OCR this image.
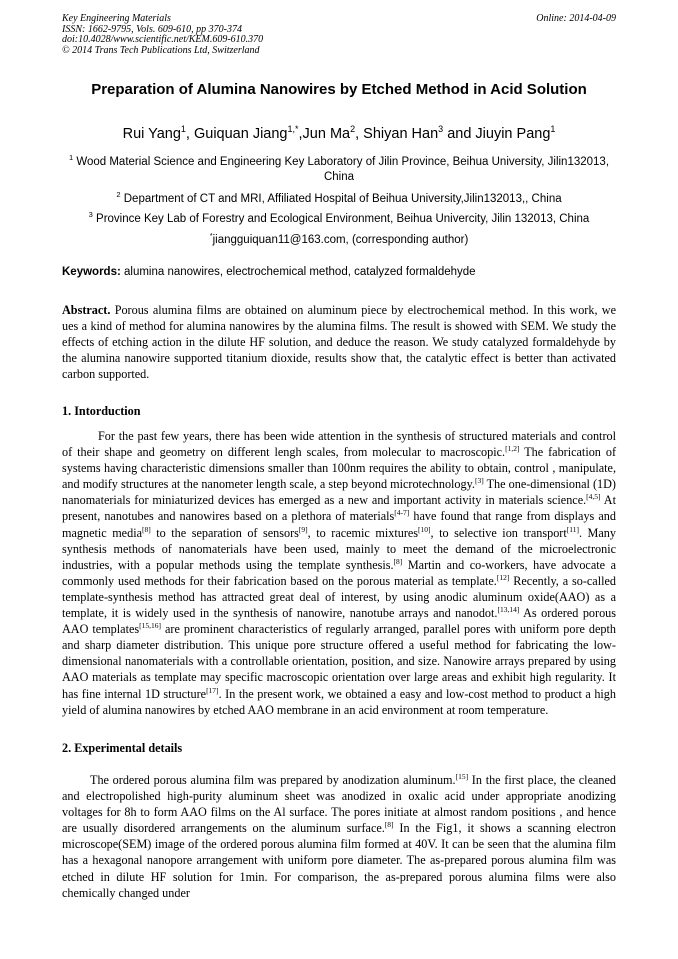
Key Engineering Materials
ISSN: 1662-9795, Vols. 609-610, pp 370-374
doi:10.4028/www.scientific.net/KEM.609-610.370
© 2014 Trans Tech Publications Ltd, Switzerland
Online: 2014-04-09
Preparation of Alumina Nanowires by Etched Method in Acid Solution
Rui Yang$^1$, Guiquan Jiang$^{1,*}$,Jun Ma$^2$, Shiyan Han$^3$ and Jiuyin Pang$^1$
$^1$ Wood Material Science and Engineering Key Laboratory of Jilin Province, Beihua University, Jilin132013, China
$^2$ Department of CT and MRI, Affiliated Hospital of Beihua University,Jilin132013,, China
$^3$ Province Key Lab of Forestry and Ecological Environment, Beihua Univercity, Jilin 132013, China
*jiangguiquan11@163.com, (corresponding author)
Keywords: alumina nanowires, electrochemical method, catalyzed formaldehyde
Abstract. Porous alumina films are obtained on aluminum piece by electrochemical method. In this work, we ues a kind of method for alumina nanowires by the alumina films. The result is showed with SEM. We study the effects of etching action in the dilute HF solution, and deduce the reason. We study catalyzed formaldehyde by the alumina nanowire supported titanium dioxide, results show that, the catalytic effect is better than activated carbon supported.
1. Intorduction
For the past few years, there has been wide attention in the synthesis of structured materials and control of their shape and geometry on different lengh scales, from molecular to macroscopic.[1,2] The fabrication of systems having characteristic dimensions smaller than 100nm requires the ability to obtain, control , manipulate, and modify structures at the nanometer length scale, a step beyond microtechnology.[3] The one-dimensional (1D) nanomaterials for miniaturized devices has emerged as a new and important activity in materials science.[4,5] At present, nanotubes and nanowires based on a plethora of materials[4-7] have found that range from displays and magnetic media[8] to the separation of sensors[9], to racemic mixtures[10], to selective ion transport[11]. Many synthesis methods of nanomaterials have been used, mainly to meet the demand of the microelectronic industries, with a popular methods using the template synthesis.[8] Martin and co-workers, have advocate a commonly used methods for their fabrication based on the porous material as template.[12] Recently, a so-called template-synthesis method has attracted great deal of interest, by using anodic aluminum oxide(AAO) as a template, it is widely used in the synthesis of nanowire, nanotube arrays and nanodot.[13,14] As ordered porous AAO templates[15,16] are prominent characteristics of regularly arranged, parallel pores with uniform pore depth and sharp diameter distribution. This unique pore structure offered a useful method for fabricating the low-dimensional nanomaterials with a controllable orientation, position, and size. Nanowire arrays prepared by using AAO materials as template may specific macroscopic orientation over large areas and exhibit high regularity. It has fine internal 1D structure[17]. In the present work, we obtained a easy and low-cost method to product a high yield of alumina nanowires by etched AAO membrane in an acid environment at room temperature.
2. Experimental details
The ordered porous alumina film was prepared by anodization aluminum.[15] In the first place, the cleaned and electropolished high-purity aluminum sheet was anodized in oxalic acid under appropriate anodizing voltages for 8h to form AAO films on the Al surface. The pores initiate at almost random positions , and hence are usually disordered arrangements on the aluminum surface.[8] In the Fig1, it shows a scanning electron microscope(SEM) image of the ordered porous alumina film formed at 40V. It can be seen that the alumina film has a hexagonal nanopore arrangement with uniform pore diameter. The as-prepared porous alumina film was etched in dilute HF solution for 1min. For comparison, the as-prepared porous alumina films were also chemically changed under
